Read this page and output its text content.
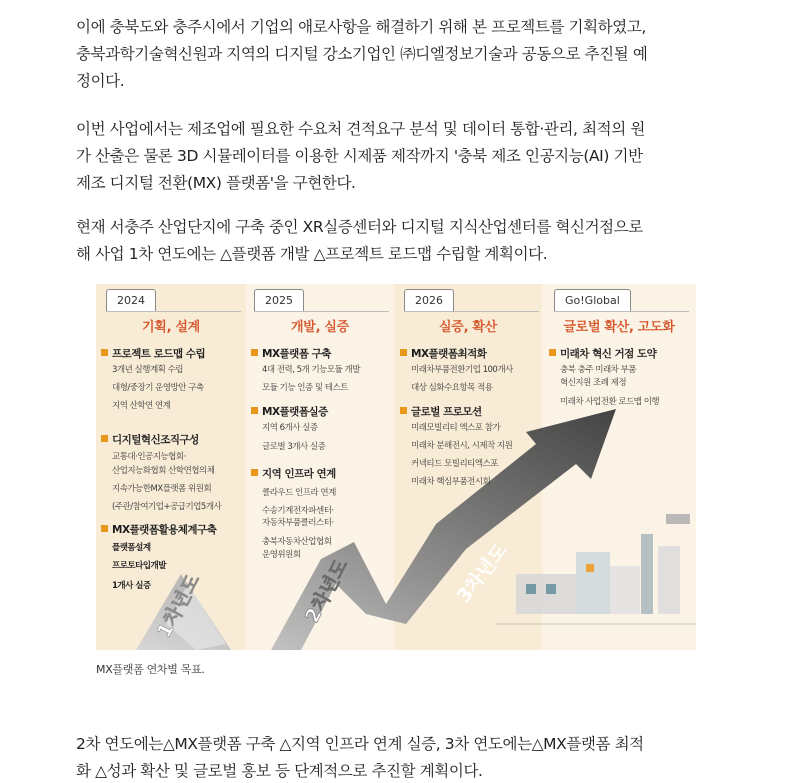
이에 충북도와 충주시에서 기업의 애로사항을 해결하기 위해 본 프로젝트를 기획하였고,
충북과학기술혁신원과 지역의 디지털 강소기업인 ㈜디엘정보기술과 공동으로 추진될 예
정이다.
이번 사업에서는 제조업에 필요한 수요처 견적요구 분석 및 데이터 통합·관리, 최적의 원
가 산출은 물론 3D 시뮬레이터를 이용한 시제품 제작까지 '충북 제조 인공지능(AI) 기반
제조 디지털 전환(MX) 플랫폼'을 구현한다.
현재 서충주 산업단지에 구축 중인 XR실증센터와 디지털 지식산업센터를 혁신거점으로
해 사업 1차 연도에는 △플랫폼 개발 △프로젝트 로드맵 수립할 계획이다.
2024	2025	2026	Go!Global
기획, 설계	개발, 실증	실증, 확산	글로벌 확산, 고도화
프로젝트 로드맵 수립
3개년 실행계획 수립
대형/중장기 운영방안 구축
지역 산학연 연계
디지털혁신조직구성
교통대·인공지능협회·
산업지능화협회 산학연협의체
지속가능한MX플랫폼 위원회
(주관/참여기업+공급기업5개사
MX플랫폼활용체계구축
플랫폼설계
프로토타입개발
1개사 실증
MX플랫폼 구축
4대 전력, 5개 기능모듈 개발
모듈 기능 인증 및 테스트
MX플랫폼실증
지역 6개사 실증
글로벌 3개사 실증
지역 인프라 연계
클라우드 인프라 연계
수송기계전자파센터·
자동차부품클러스터·
충북자동차산업협회
운영위원회
MX플랫폼최적화
미래차부품전환기업 100개사
대상 심화수요항목 적용
글로벌 프로모션
미래모빌리티 엑스포 참가
미래차 분해전시, 시제작 지원
커넥티드 모빌리티엑스포
미래차 핵심부품전시회
미래차 혁신 거점 도약
충북 충주 미래차 부품
혁신지원 조례 제정
미래차 사업전환 로드맵 이행
1차년도	2차년도	3차년도
MX플랫폼 연차별 목표.
2차 연도에는△MX플랫폼 구축 △지역 인프라 연계 실증, 3차 연도에는△MX플랫폼 최적
화 △성과 확산 및 글로벌 홍보 등 단계적으로 추진할 계획이다.
